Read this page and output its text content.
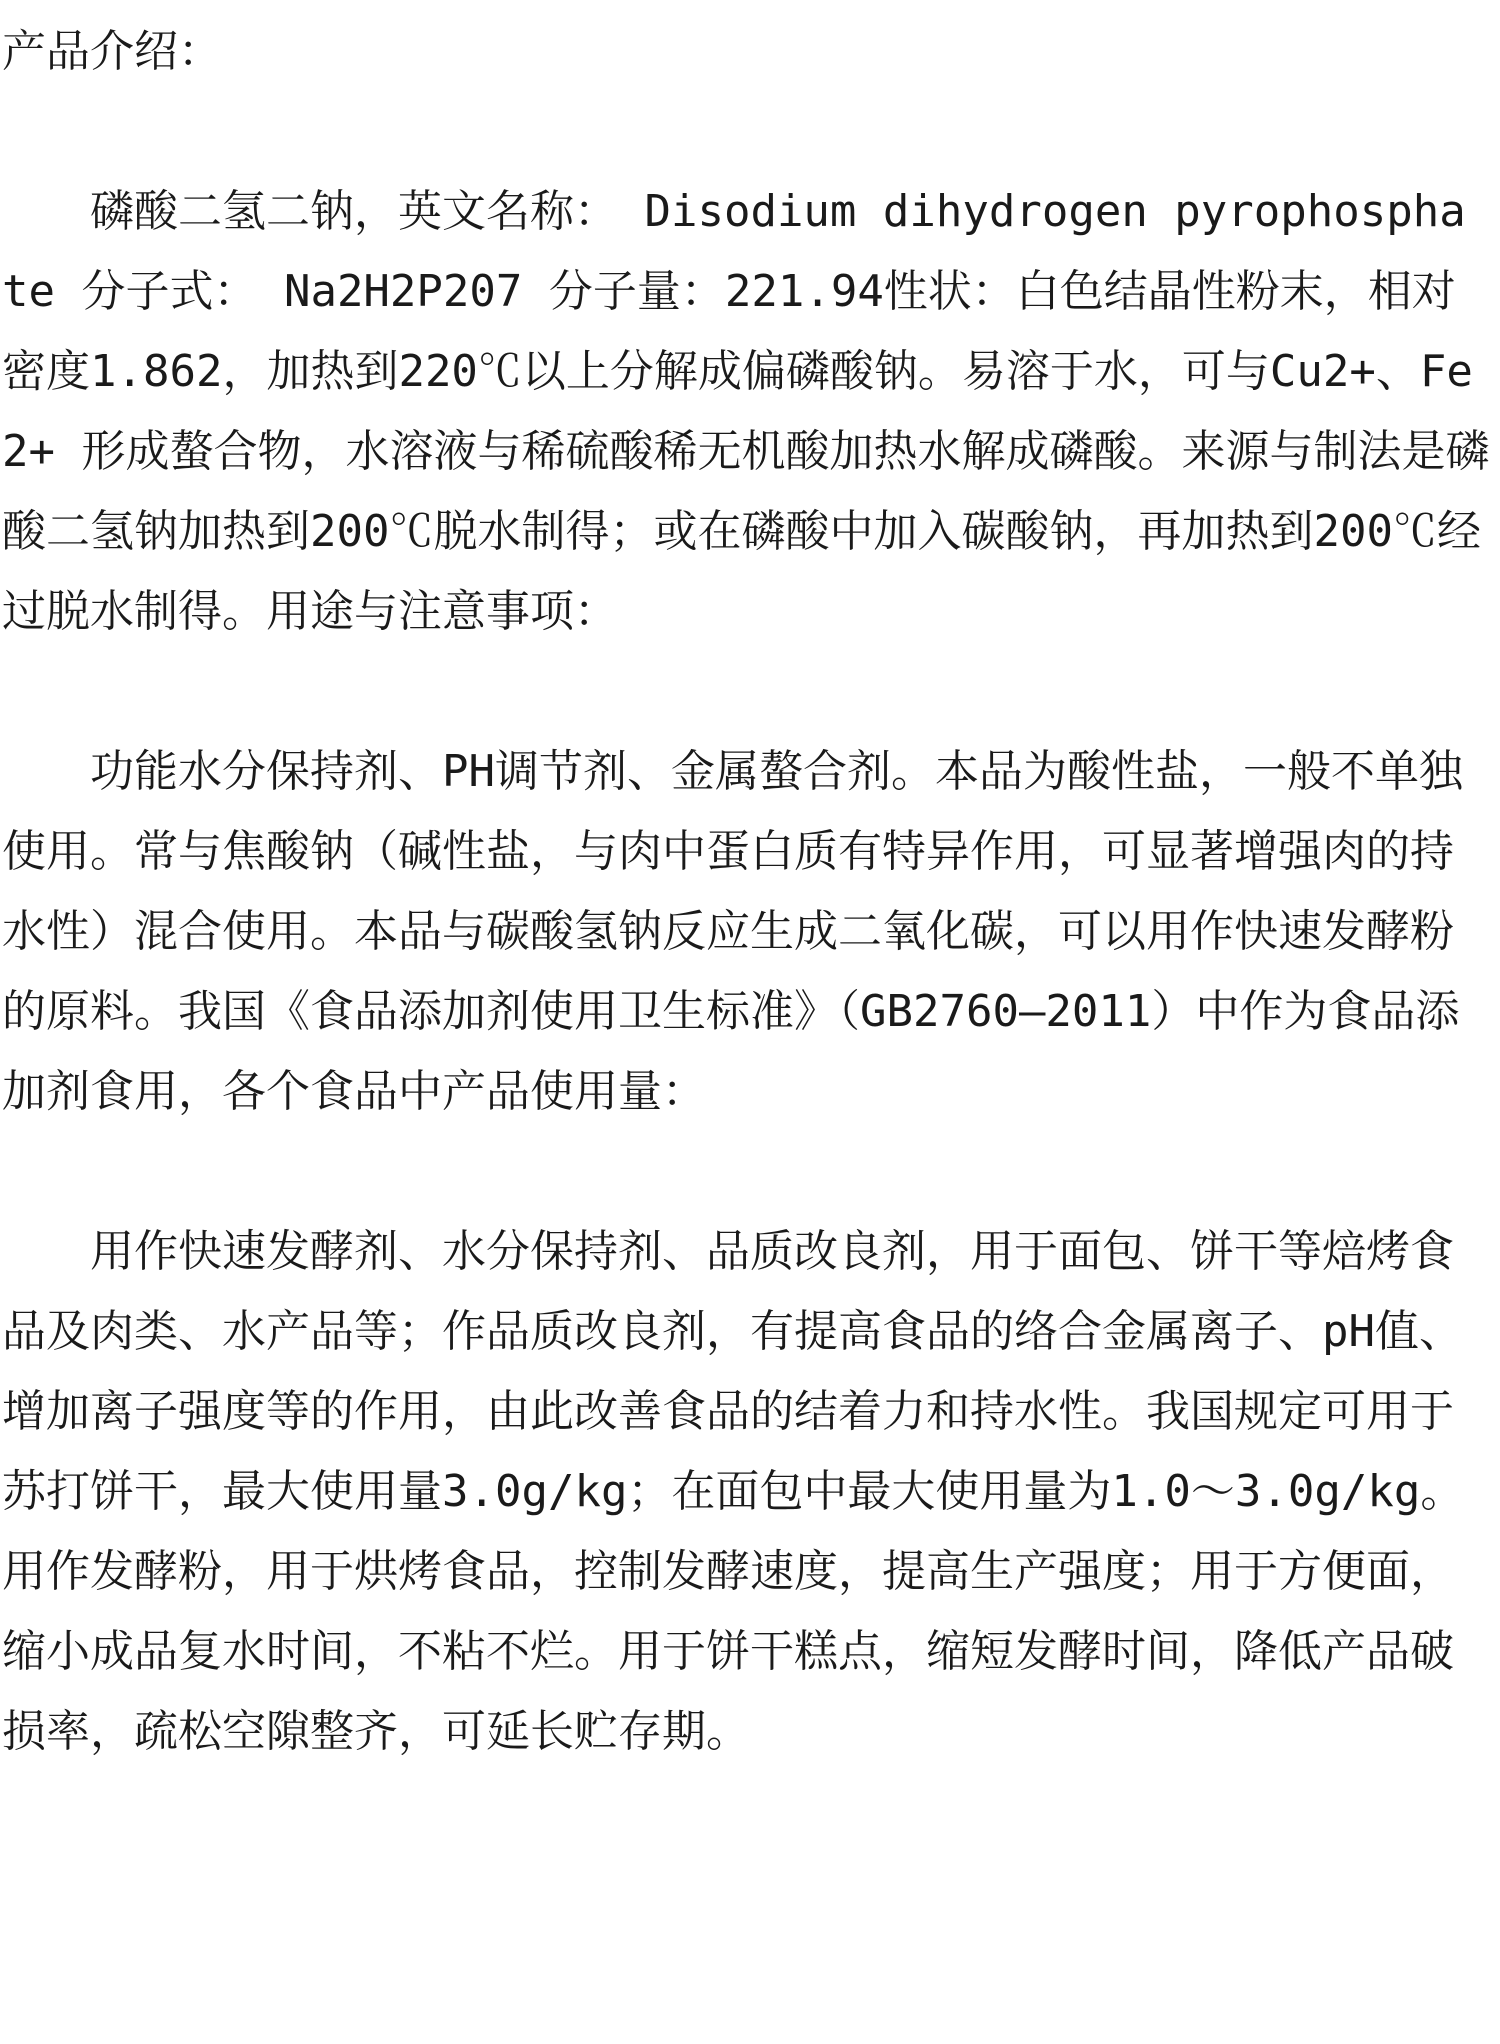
产品介绍：

磷酸二氢二钠，英文名称： Disodium dihydrogen pyrophosphate 分子式： Na2H2P207 分子量：221.94性状：白色结晶性粉末，相对密度1.862，加热到220℃以上分解成偏磷酸钠。易溶于水，可与Cu2+、Fe2+ 形成螯合物，水溶液与稀硫酸稀无机酸加热水解成磷酸。来源与制法是磷酸二氢钠加热到200℃脱水制得；或在磷酸中加入碳酸钠，再加热到200℃经过脱水制得。用途与注意事项：

功能水分保持剂、PH调节剂、金属螯合剂。本品为酸性盐，一般不单独使用。常与焦酸钠（碱性盐，与肉中蛋白质有特异作用，可显著增强肉的持水性）混合使用。本品与碳酸氢钠反应生成二氧化碳，可以用作快速发酵粉的原料。我国《食品添加剂使用卫生标准》（GB2760—2011）中作为食品添加剂食用，各个食品中产品使用量：

用作快速发酵剂、水分保持剂、品质改良剂，用于面包、饼干等焙烤食品及肉类、水产品等；作品质改良剂，有提高食品的络合金属离子、pH值、增加离子强度等的作用，由此改善食品的结着力和持水性。我国规定可用于苏打饼干，最大使用量3.0g/kg；在面包中最大使用量为1.0～3.0g/kg。用作发酵粉，用于烘烤食品，控制发酵速度，提高生产强度；用于方便面，缩小成品复水时间，不粘不烂。用于饼干糕点，缩短发酵时间，降低产品破损率，疏松空隙整齐，可延长贮存期。
